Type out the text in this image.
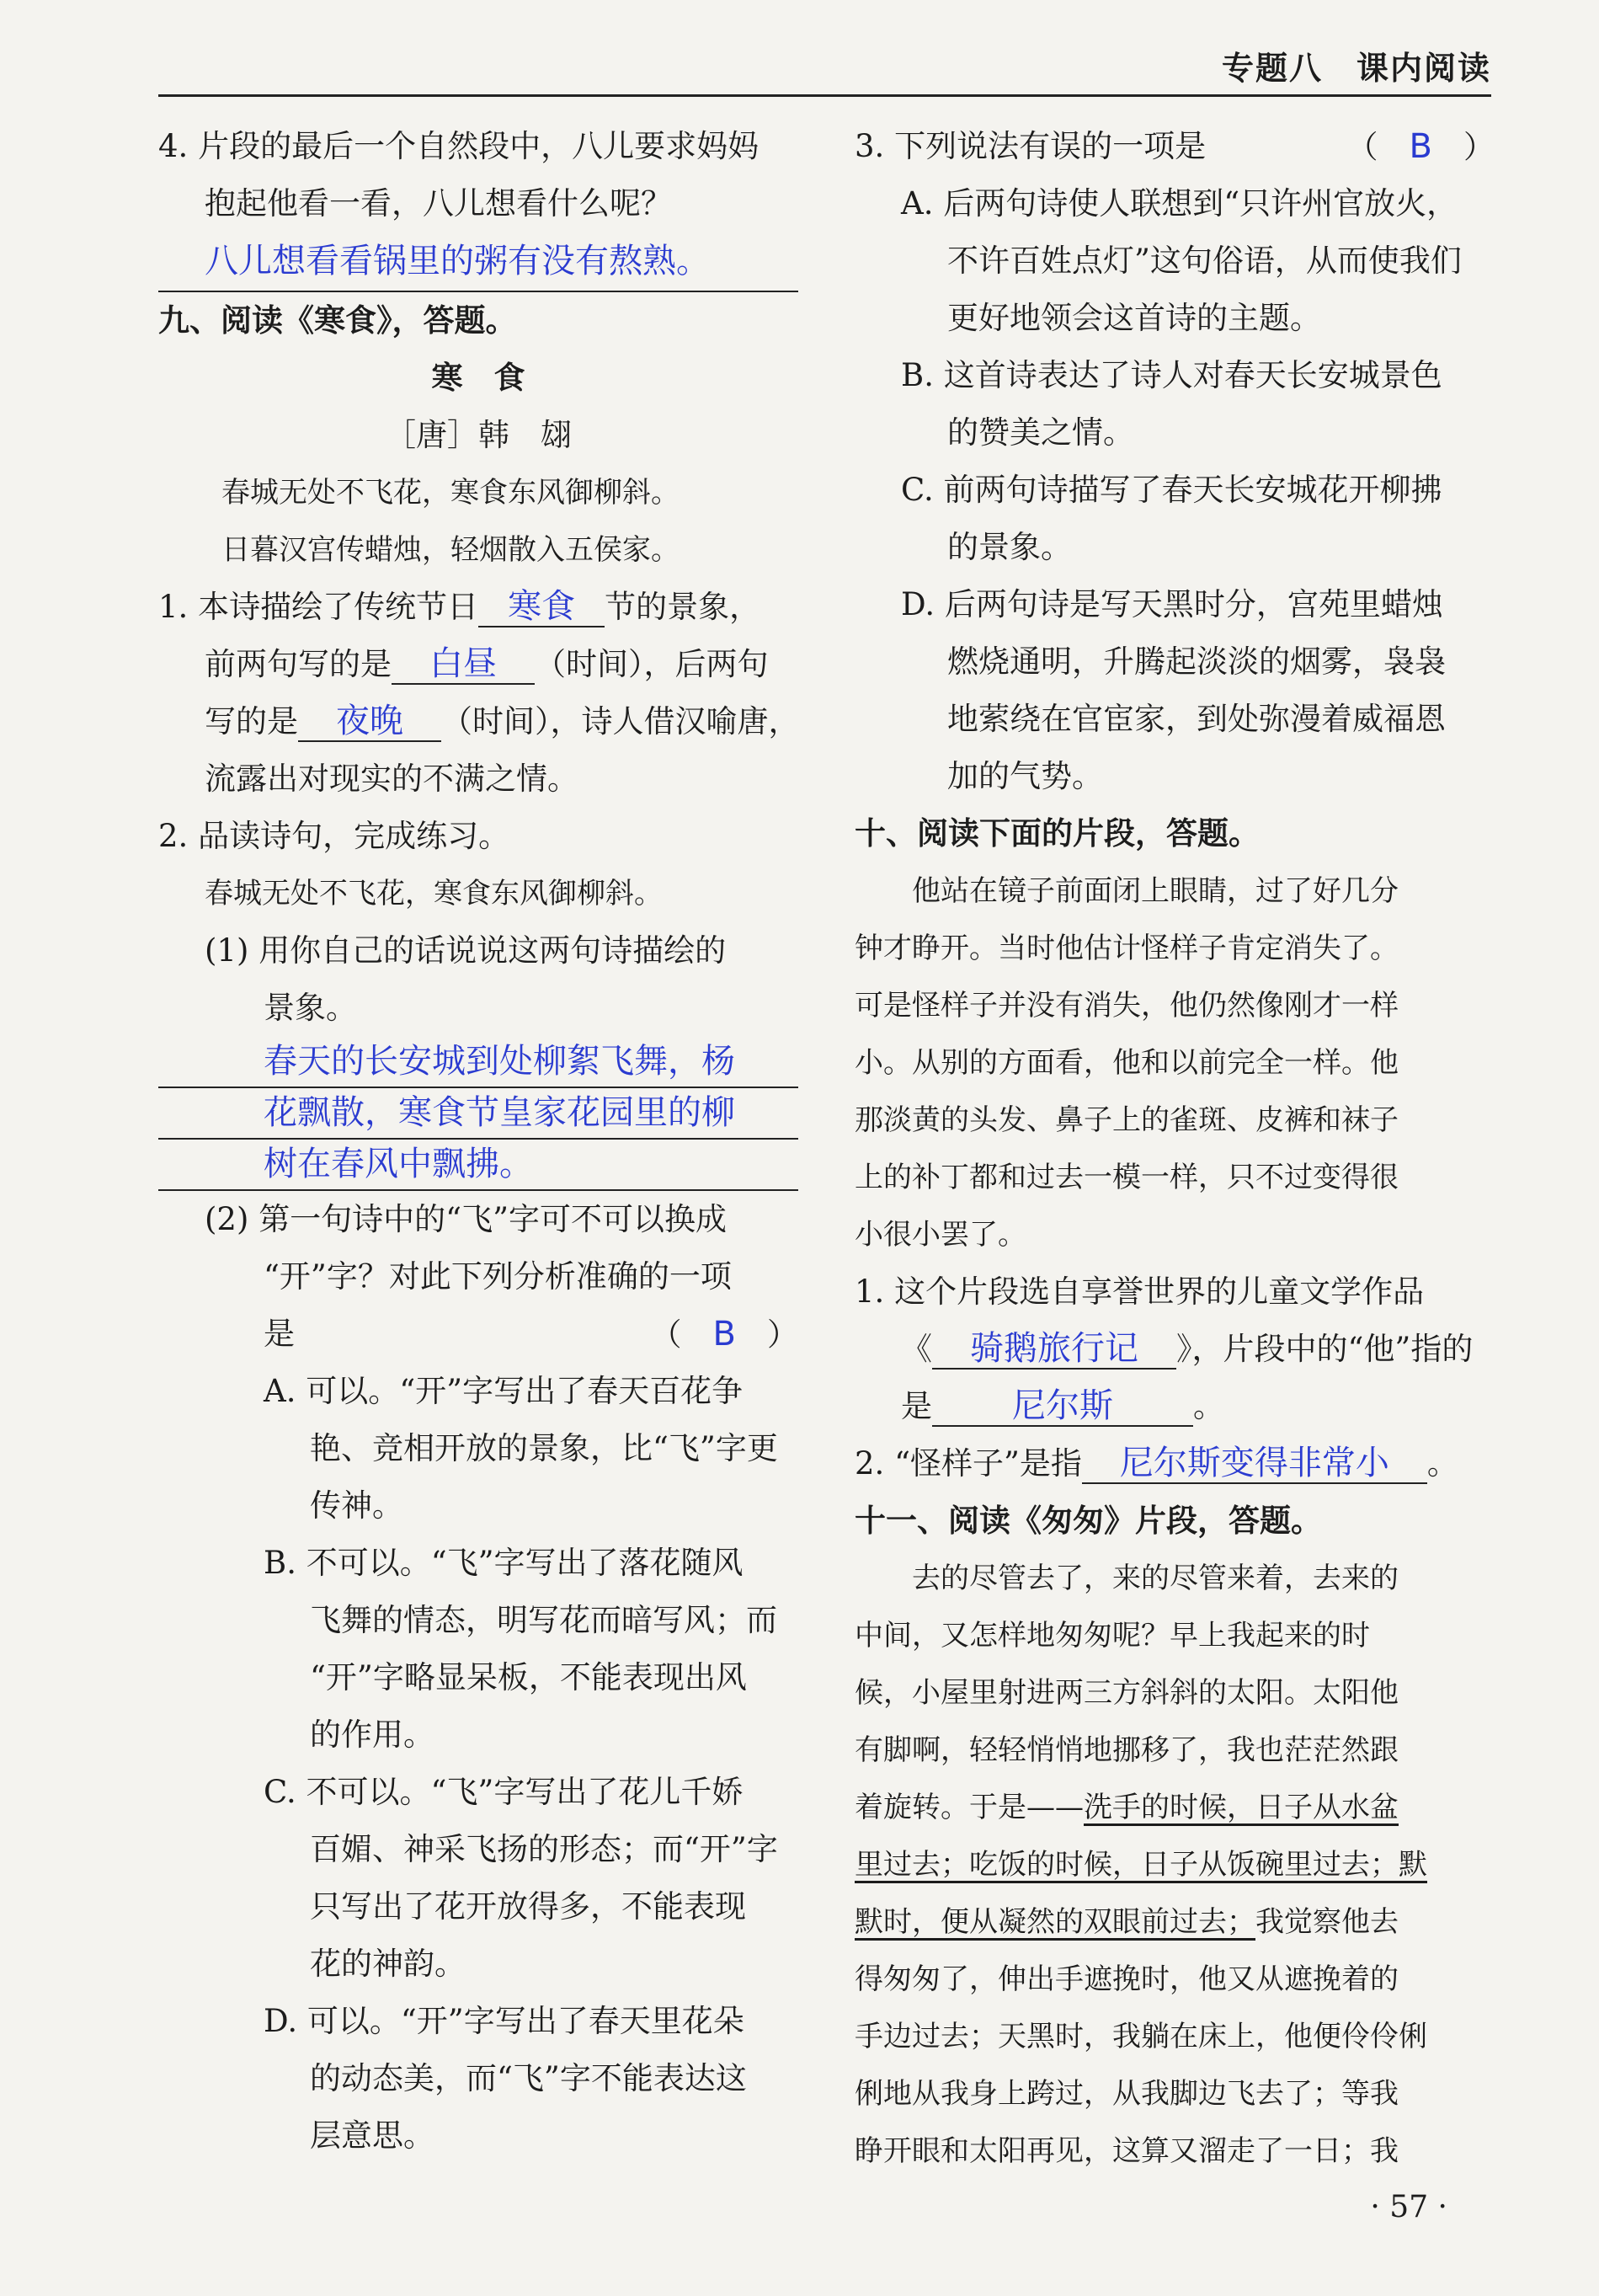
专题八　课内阅读
4. 片段的最后一个自然段中，八儿要求妈妈
抱起他看一看，八儿想看什么呢？
八儿想看看锅里的粥有没有熬熟。
九、阅读《寒食》，答题。
寒　食
［唐］韩　翃
春城无处不飞花，寒食东风御柳斜。
日暮汉宫传蜡烛，轻烟散入五侯家。
1. 本诗描绘了传统节日 寒食 节的景象，
前两句写的是 白昼 （时间），后两句
写的是 夜晚 （时间），诗人借汉喻唐，
流露出对现实的不满之情。
2. 品读诗句，完成练习。
春城无处不飞花，寒食东风御柳斜。
(1) 用你自己的话说说这两句诗描绘的
景象。
春天的长安城到处柳絮飞舞，杨
花飘散，寒食节皇家花园里的柳
树在春风中飘拂。
(2) 第一句诗中的“飞”字可不可以换成
“开”字？对此下列分析准确的一项
是	（　B　）
A. 可以。“开”字写出了春天百花争
艳、竞相开放的景象，比“飞”字更
传神。
B. 不可以。“飞”字写出了落花随风
飞舞的情态，明写花而暗写风；而
“开”字略显呆板，不能表现出风
的作用。
C. 不可以。“飞”字写出了花儿千娇
百媚、神采飞扬的形态；而“开”字
只写出了花开放得多，不能表现
花的神韵。
D. 可以。“开”字写出了春天里花朵
的动态美，而“飞”字不能表达这
层意思。
3. 下列说法有误的一项是	（　B　）
A. 后两句诗使人联想到“只许州官放火，
不许百姓点灯”这句俗语，从而使我们
更好地领会这首诗的主题。
B. 这首诗表达了诗人对春天长安城景色
的赞美之情。
C. 前两句诗描写了春天长安城花开柳拂
的景象。
D. 后两句诗是写天黑时分，宫苑里蜡烛
燃烧通明，升腾起淡淡的烟雾，袅袅
地萦绕在官宦家，到处弥漫着威福恩
加的气势。
十、阅读下面的片段，答题。
　　他站在镜子前面闭上眼睛，过了好几分
钟才睁开。当时他估计怪样子肯定消失了。
可是怪样子并没有消失，他仍然像刚才一样
小。从别的方面看，他和以前完全一样。他
那淡黄的头发、鼻子上的雀斑、皮裤和袜子
上的补丁都和过去一模一样，只不过变得很
小很小罢了。
1. 这个片段选自享誉世界的儿童文学作品
《 骑鹅旅行记 》，片段中的“他”指的
是 尼尔斯	。
2. “怪样子”是指 尼尔斯变得非常小 。
十一、阅读《匆匆》片段，答题。
　　去的尽管去了，来的尽管来着，去来的
中间，又怎样地匆匆呢？早上我起来的时
候，小屋里射进两三方斜斜的太阳。太阳他
有脚啊，轻轻悄悄地挪移了，我也茫茫然跟
着旋转。于是——洗手的时候，日子从水盆
里过去；吃饭的时候，日子从饭碗里过去；默
默时，便从凝然的双眼前过去；我觉察他去
得匆匆了，伸出手遮挽时，他又从遮挽着的
手边过去；天黑时，我躺在床上，他便伶伶俐
俐地从我身上跨过，从我脚边飞去了；等我
睁开眼和太阳再见，这算又溜走了一日；我
· 57 ·
